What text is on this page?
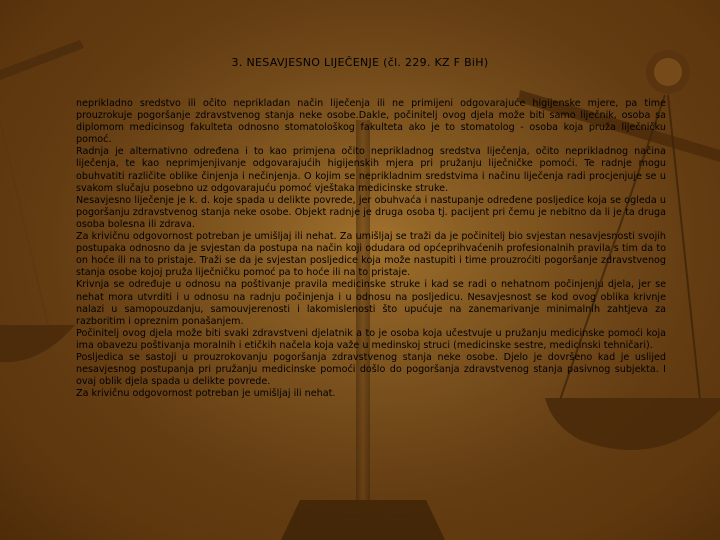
3. NESAVJESNO LIJEČENJE (čl. 229. KZ F BiH)

neprikladno sredstvo ili očito neprikladan način liječenja ili ne primijeni odgovarajuće higijenske mjere, pa time prouzrokuje pogoršanje zdravstvenog stanja neke osobe.Dakle, počinitelj ovog djela može biti samo liječnik, osoba sa diplomom medicinsog fakulteta odnosno stomatološkog fakulteta ako je to stomatolog - osoba koja pruža liječničku pomoć.

Radnja je alternativno određena i to kao primjena očito neprikladnog sredstva liječenja, očito neprikladnog načina liječenja, te kao neprimjenjivanje odgovarajućih higijenskih mjera pri pružanju liječničke pomoći. Te radnje mogu obuhvatiti različite oblike činjenja i nečinjenja. O kojim se neprikladnim sredstvima i načinu liječenja radi procjenjuje se u svakom slučaju posebno uz odgovarajuću pomoć vještaka medicinske struke.

Nesavjesno liječenje je k. d. koje spada u delikte povrede, jer obuhvaća i nastupanje određene posljedice koja se ogleda u pogoršanju zdravstvenog stanja neke osobe. Objekt radnje je druga osoba tj. pacijent pri čemu je nebitno da li je ta druga osoba bolesna ili zdrava.

Za krivičnu odgovornost potreban je umišljaj ili nehat. Za umišljaj se traži da je počinitelj bio svjestan nesavjesnosti svojih postupaka odnosno da je svjestan da postupa na način koji odudara od općeprihvaćenih profesionalnih pravila s tim da to on hoće ili na to pristaje. Traži se da je svjestan posljedice koja može nastupiti i time prouzroćiti pogoršanje zdravstvenog stanja osobe kojoj pruža liječničku pomoć pa to hoće ili na to pristaje.

Krivnja se određuje u odnosu na poštivanje pravila medicinske struke i kad se radi o nehatnom počinjenju djela, jer se nehat mora utvrditi i u odnosu na radnju počinjenja i u odnosu na posljedicu. Nesavjesnost se kod ovog oblika krivnje nalazi u samopouzdanju, samouvjerenosti i lakomislenosti što upućuje na zanemarivanje minimalnih zahtjeva za razboritim i opreznim ponašanjem.

Počinitelj ovog djela može biti svaki zdravstveni djelatnik a to je osoba koja učestvuje u pružanju medicinske pomoći koja ima obavezu poštivanja moralnih i etičkih načela koja važe u medinskoj struci (medicinske sestre, medicinski tehničari).

Posljedica se sastoji u prouzrokovanju pogoršanja zdravstvenog stanja neke osobe. Djelo je dovršeno kad je uslijed nesavjesnog postupanja pri pružanju medicinske pomoći došlo do pogoršanja zdravstvenog stanja pasivnog subjekta. I ovaj oblik djela spada u delikte povrede.

Za krivičnu odgovornost potreban je umišljaj ili nehat.
